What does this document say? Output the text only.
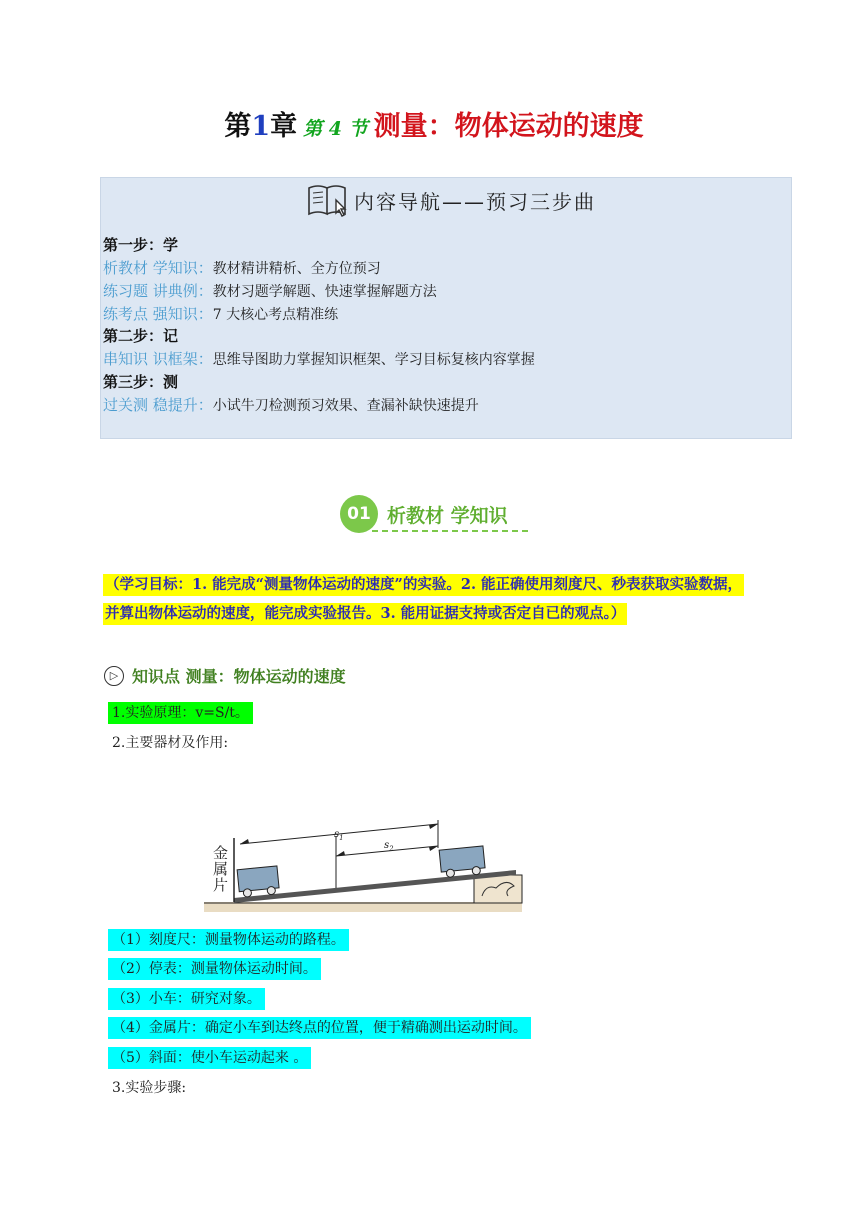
第1章 第 4 节 测量：物体运动的速度
内容导航——预习三步曲
第一步：学
析教材 学知识：教材精讲精析、全方位预习
练习题 讲典例：教材习题学解题、快速掌握解题方法
练考点 强知识：7 大核心考点精准练
第二步：记
串知识 识框架：思维导图助力掌握知识框架、学习目标复核内容掌握
第三步：测
过关测 稳提升：小试牛刀检测预习效果、查漏补缺快速提升
01 析教材 学知识
（学习目标：1. 能完成“测量物体运动的速度”的实验。2. 能正确使用刻度尺、秒表获取实验数据，
并算出物体运动的速度，能完成实验报告。3. 能用证据支持或否定自已的观点。）
▷ 知识点 测量：物体运动的速度
1.实验原理：v=S/t。
2.主要器材及作用:
$s_1$
$s_2$
金
属
片
（1）刻度尺：测量物体运动的路程。
（2）停表：测量物体运动时间。
（3）小车：研究对象。
（4）金属片：确定小车到达终点的位置，便于精确测出运动时间。
（5）斜面：使小车运动起来 。
3.实验步骤:
